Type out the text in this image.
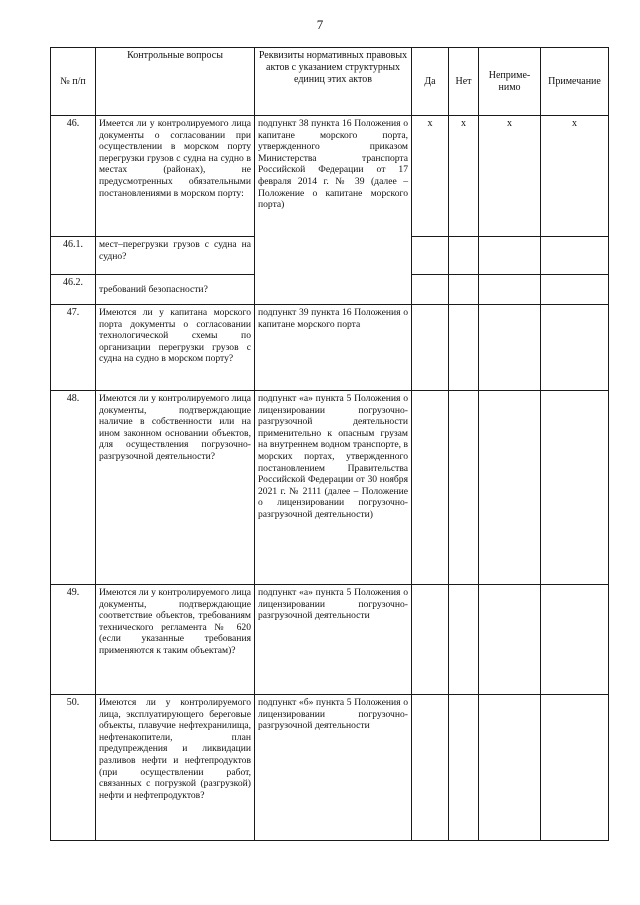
7
№ п/п	Контрольные вопросы	Реквизиты нормативных правовых актов с указанием структурных единиц этих актов	Да	Нет	Неприме-нимо	Примечание
46.	Имеется ли у контролируемого лица документы о согласовании при осуществлении в морском порту перегрузки грузов с судна на судно в местах (районах), не предусмотренных обязательными постановлениями в морском порту:	подпункт 38 пункта 16 Положения о капитане морского порта, утвержденного приказом Министерства транспорта Российской Федерации от 17 февраля 2014 г. № 39 (далее – Положение о капитане морского порта)	x	x	x	x
46.1.	мест–перегрузки грузов с судна на судно?					
46.2.	требований безопасности?					
47.	Имеются ли у капитана морского порта документы о согласовании технологической схемы по организации перегрузки грузов с судна на судно в морском порту?	подпункт 39 пункта 16 Положения о капитане морского порта				
48.	Имеются ли у контролируемого лица документы, подтверждающие наличие в собственности или на ином законном основании объектов, для осуществления погрузочно-разгрузочной деятельности?	подпункт «а» пункта 5 Положения о лицензировании погрузочно-разгрузочной деятельности применительно к опасным грузам на внутреннем водном транспорте, в морских портах, утвержденного постановлением Правительства Российской Федерации от 30 ноября 2021 г. № 2111 (далее – Положение о лицензировании погрузочно-разгрузочной деятельности)				
49.	Имеются ли у контролируемого лица документы, подтверждающие соответствие объектов, требованиям технического регламента № 620 (если указанные требования применяются к таким объектам)?	подпункт «а» пункта 5 Положения о лицензировании погрузочно-разгрузочной деятельности				
50.	Имеются ли у контролируемого лица, эксплуатирующего береговые объекты, плавучие нефтехранилища, нефтенакопители, план предупреждения и ликвидации разливов нефти и нефтепродуктов (при осуществлении работ, связанных с погрузкой (разгрузкой) нефти и нефтепродуктов?	подпункт «б» пункта 5 Положения о лицензировании погрузочно-разгрузочной деятельности				
